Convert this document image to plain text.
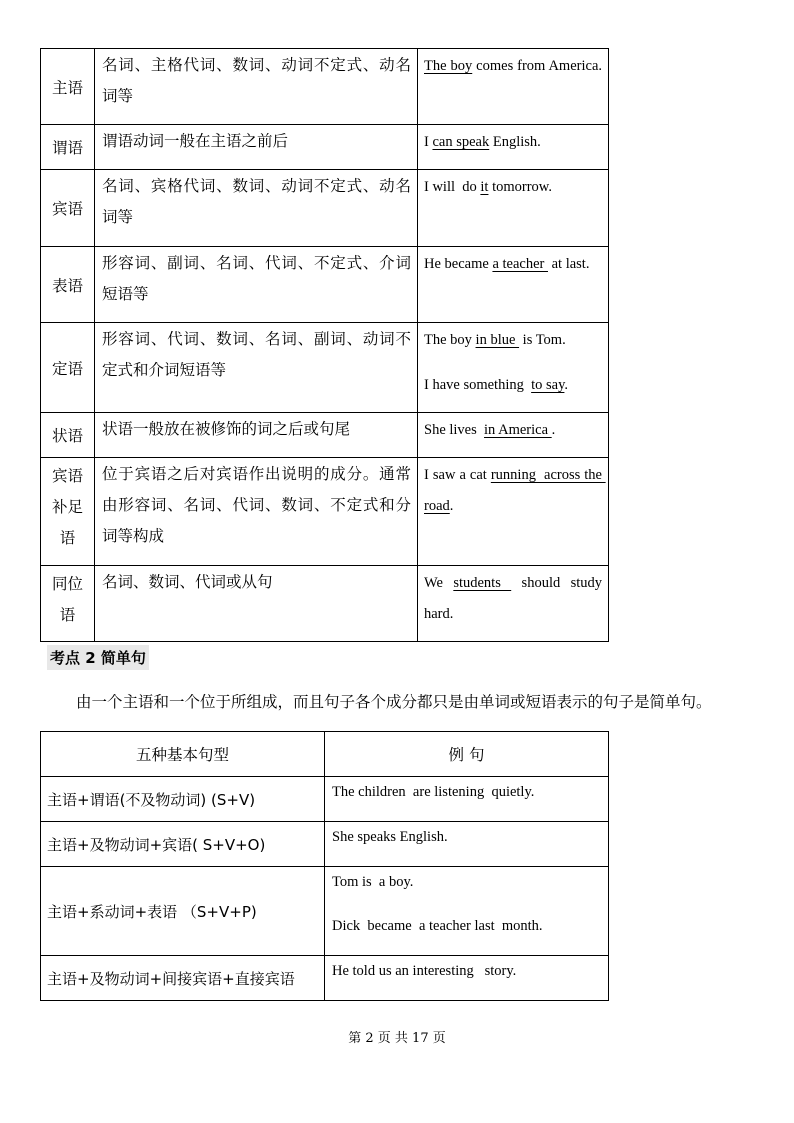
主语	名词、主格代词、数词、动词不定式、动名词等	The boy comes from America.

谓语	谓语动词一般在主语之前后	I can speak English.

宾语	名词、宾格代词、数词、动词不定式、动名词等	I will  do it tomorrow.

表语	形容词、副词、名词、代词、不定式、介词短语等	He became a teacher  at last.

定语	形容词、代词、数词、名词、副词、动词不定式和介词短语等	The boy in blue  is Tom.
I have something  to say.

状语	状语一般放在被修饰的词之后或句尾	She lives  in America .

宾语
补足
语	位于宾语之后对宾语作出说明的成分。通常由形容词、名词、代词、数词、不定式和分词等构成	I saw a cat running  across the road.

同位
语	名词、数词、代词或从句	We students  should study hard.
考点 2 简单句
由一个主语和一个位于所组成，而且句子各个成分都只是由单词或短语表示的句子是简单句。
五种基本句型	例 句
主语+谓语(不及物动词) (S+V)	The children  are listening  quietly.

主语+及物动词+宾语( S+V+O)	She speaks English.

主语+系动词+表语 （S+V+P)	Tom is  a boy.
Dick  became  a teacher last  month.

主语+及物动词+间接宾语+直接宾语	He told us an interesting   story.
第 2 页 共 17 页
